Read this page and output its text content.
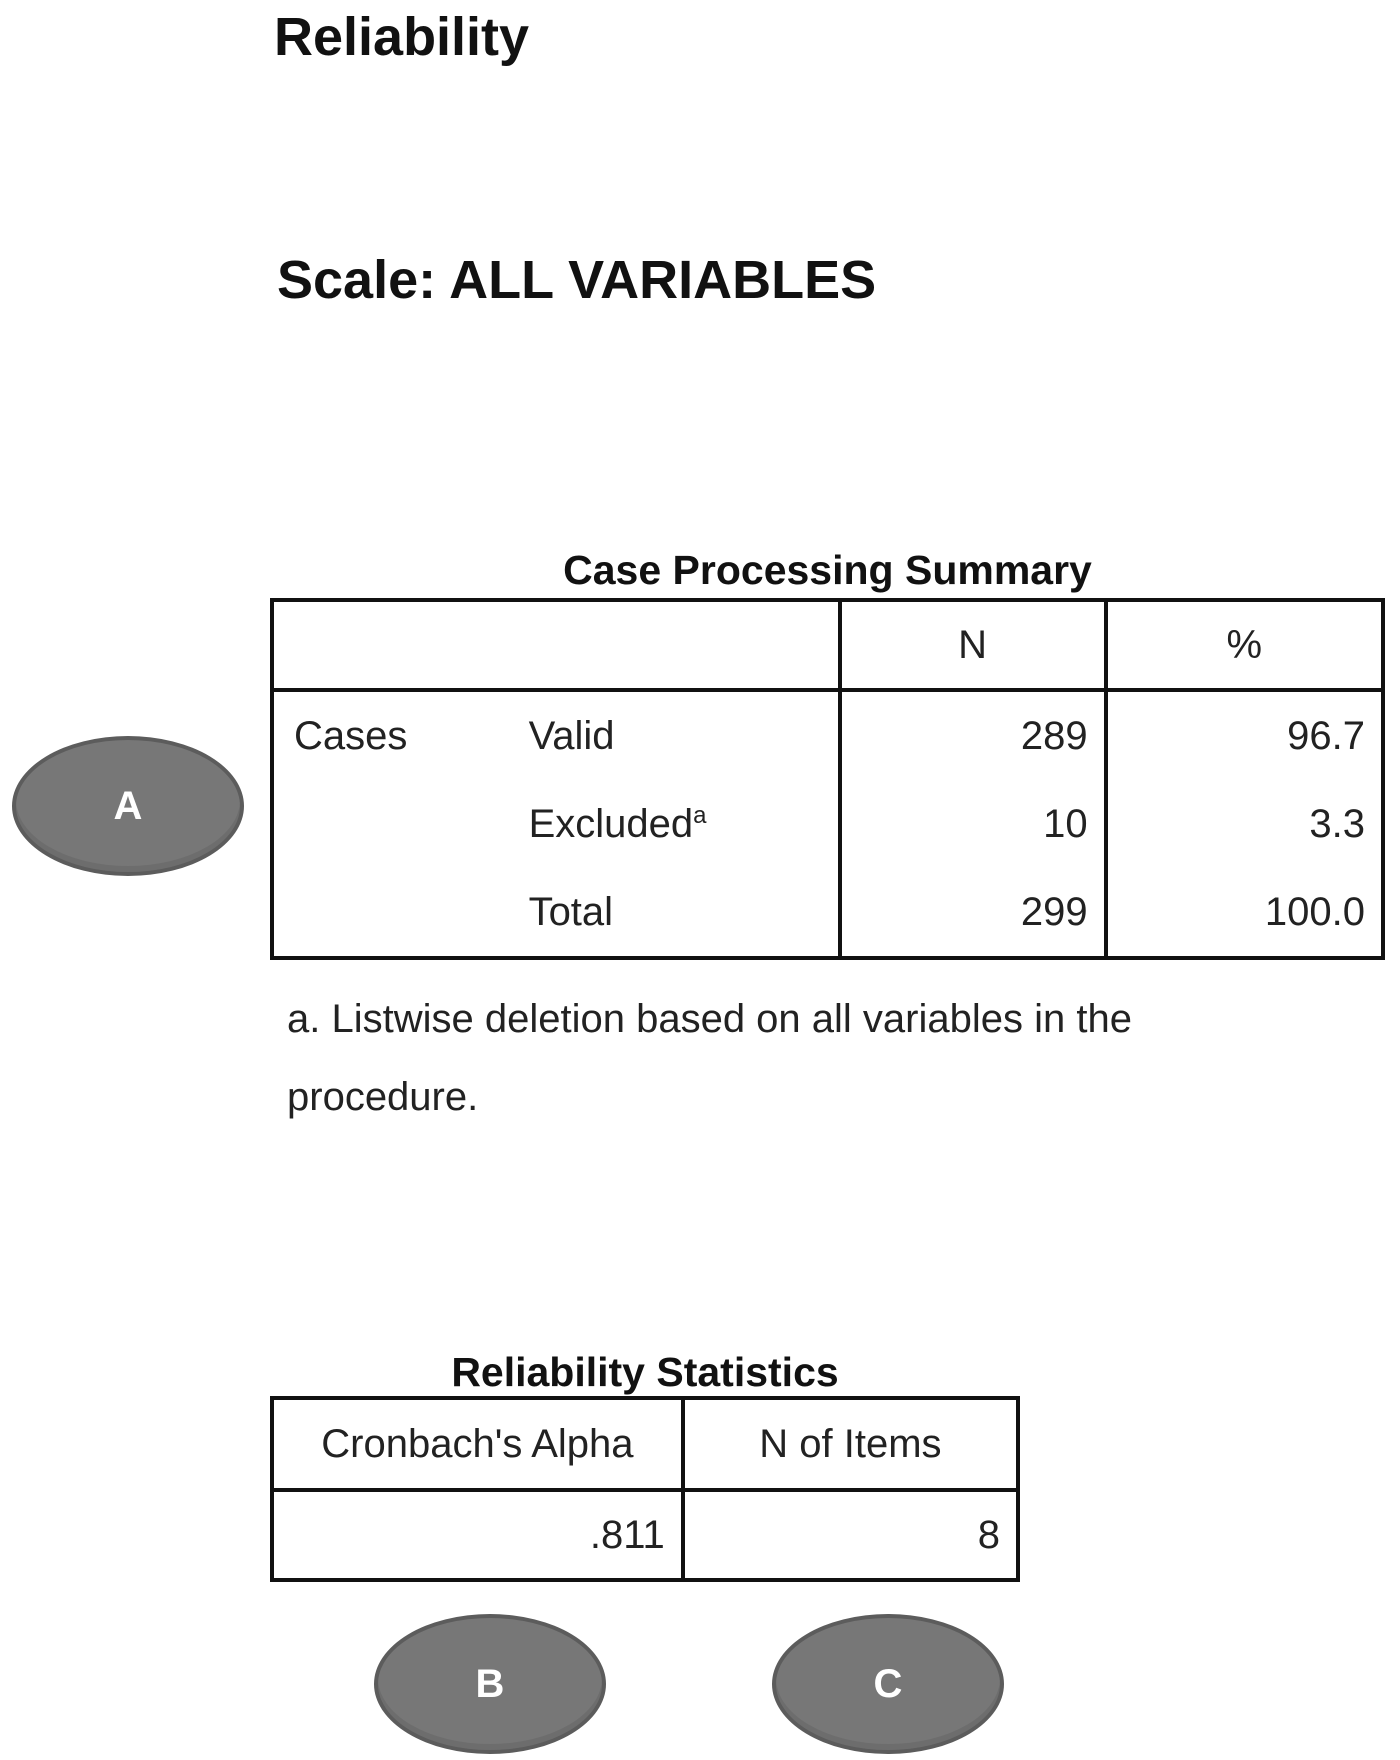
Reliability
Scale: ALL VARIABLES
Case Processing Summary
		N	%
Cases	Valid	289	96.7
	Excluded$^a$	10	3.3
	Total	299	100.0
a. Listwise deletion based on all variables in the procedure.
Reliability Statistics
Cronbach's Alpha	N of Items
.811	8
A
B	C
